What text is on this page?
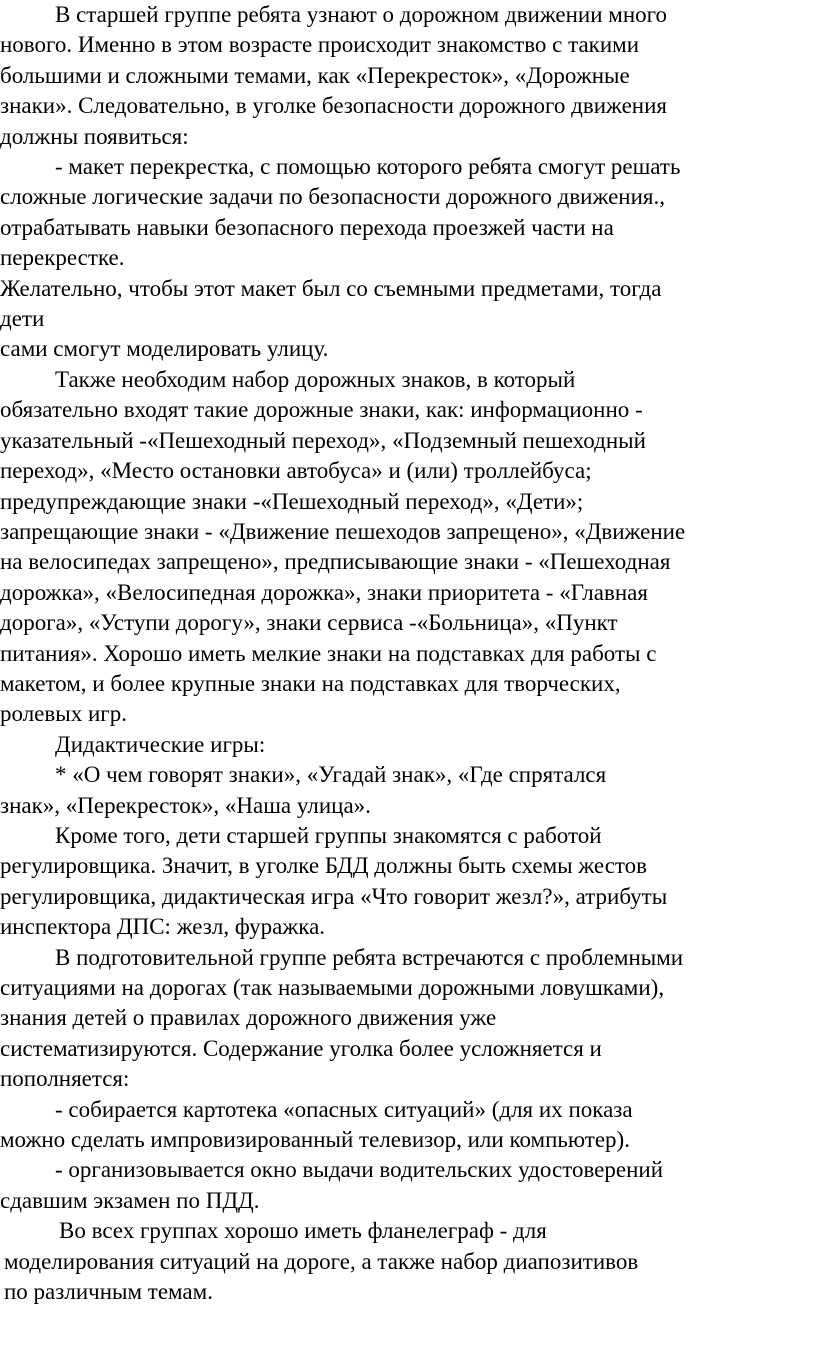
В старшей группе ребята узнают о дорожном движении много
нового. Именно в этом возрасте происходит знакомство с такими
большими и сложными темами, как «Перекресток», «Дорожные
знаки». Следовательно, в уголке безопасности дорожного движения
должны появиться:

- макет перекрестка, с помощью которого ребята смогут решать
сложные логические задачи по безопасности дорожного движения.,
отрабатывать навыки безопасного перехода проезжей части на
перекрестке.

Желательно, чтобы этот макет был со съемными предметами, тогда
дети
сами смогут моделировать улицу.

Также необходим набор дорожных знаков, в который
обязательно входят такие дорожные знаки, как: информационно -
указательный -«Пешеходный переход», «Подземный пешеходный
переход», «Место остановки автобуса» и (или) троллейбуса;
предупреждающие знаки -«Пешеходный переход», «Дети»;
запрещающие знаки - «Движение пешеходов запрещено», «Движение
на велосипедах запрещено», предписывающие знаки - «Пешеходная
дорожка», «Велосипедная дорожка», знаки приоритета - «Главная
дорога», «Уступи дорогу», знаки сервиса -«Больница», «Пункт
питания». Хорошо иметь мелкие знаки на подставках для работы с
макетом, и более крупные знаки на подставках для творческих,
ролевых игр.

Дидактические игры:

* «О чем говорят знаки», «Угадай знак», «Где спрятался
знак», «Перекресток», «Наша улица».

Кроме того, дети старшей группы знакомятся с работой
регулировщика. Значит, в уголке БДД должны быть схемы жестов
регулировщика, дидактическая игра «Что говорит жезл?», атрибуты
инспектора ДПС: жезл, фуражка.

В подготовительной группе ребята встречаются с проблемными
ситуациями на дорогах (так называемыми дорожными ловушками),
знания детей о правилах дорожного движения уже
систематизируются. Содержание уголка более усложняется и
пополняется:

- собирается картотека «опасных ситуаций» (для их показа
можно сделать импровизированный телевизор, или компьютер).

- организовывается окно выдачи водительских удостоверений
сдавшим экзамен по ПДД.

Во всех группах хорошо иметь фланелеграф - для
моделирования ситуаций на дороге, а также набор диапозитивов
по различным темам.
